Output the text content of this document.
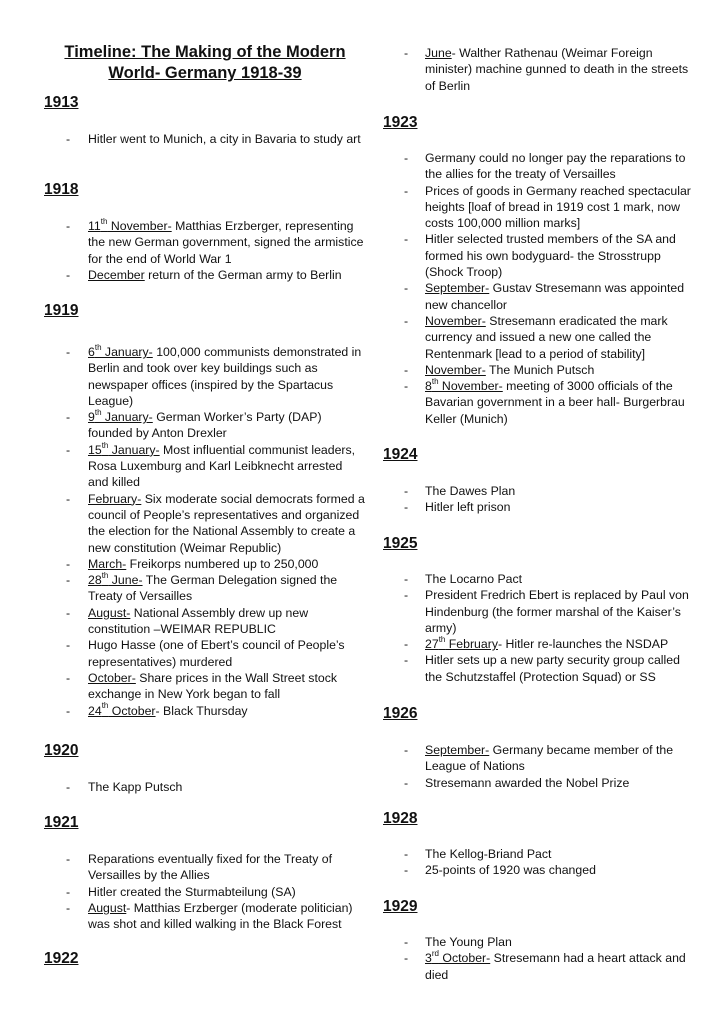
Timeline: The Making of the Modern World- Germany 1918-39
1913
- Hitler went to Munich, a city in Bavaria to study art
1918
- 11th November- Matthias Erzberger, representing the new German government, signed the armistice for the end of World War 1
- December return of the German army to Berlin
1919
- 6th January- 100,000 communists demonstrated in Berlin and took over key buildings such as newspaper offices (inspired by the Spartacus League)
- 9th January- German Worker’s Party (DAP) founded by Anton Drexler
- 15th January- Most influential communist leaders, Rosa Luxemburg and Karl Leibknecht arrested and killed
- February- Six moderate social democrats formed a council of People’s representatives and organized the election for the National Assembly to create a new constitution (Weimar Republic)
- March- Freikorps numbered up to 250,000
- 28th June- The German Delegation signed the Treaty of Versailles
- August- National Assembly drew up new constitution –WEIMAR REPUBLIC
- Hugo Hasse (one of Ebert’s council of People’s representatives) murdered
- October- Share prices in the Wall Street stock exchange in New York began to fall
- 24th October- Black Thursday
1920
- The Kapp Putsch
1921
- Reparations eventually fixed for the Treaty of Versailles by the Allies
- Hitler created the Sturmabteilung (SA)
- August- Matthias Erzberger (moderate politician) was shot and killed walking in the Black Forest
1922
- June- Walther Rathenau (Weimar Foreign minister) machine gunned to death in the streets of Berlin
1923
- Germany could no longer pay the reparations to the allies for the treaty of Versailles
- Prices of goods in Germany reached spectacular heights [loaf of bread in 1919 cost 1 mark, now costs 100,000 million marks]
- Hitler selected trusted members of the SA and formed his own bodyguard- the Strosstrupp (Shock Troop)
- September- Gustav Stresemann was appointed new chancellor
- November- Stresemann eradicated the mark currency and issued a new one called the Rentenmark [lead to a period of stability]
- November- The Munich Putsch
- 8th November- meeting of 3000 officials of the Bavarian government in a beer hall- Burgerbrau Keller (Munich)
1924
- The Dawes Plan
- Hitler left prison
1925
- The Locarno Pact
- President Fredrich Ebert is replaced by Paul von Hindenburg (the former marshal of the Kaiser’s army)
- 27th February- Hitler re-launches the NSDAP
- Hitler sets up a new party security group called the Schutzstaffel (Protection Squad) or SS
1926
- September- Germany became member of the League of Nations
- Stresemann awarded the Nobel Prize
1928
- The Kellog-Briand Pact
- 25-points of 1920 was changed
1929
- The Young Plan
- 3rd October- Stresemann had a heart attack and died
